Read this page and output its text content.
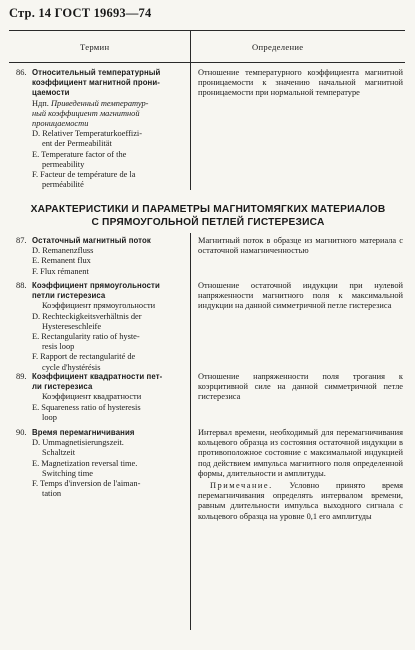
Стр. 14 ГОСТ 19693—74
Термин	Определение
86. Относительный температурный
коэффициент магнитной прони-
цаемости
Ндп. Приведенный температур-
ный коэффициент магнитной
проницаемости
D. Relativer Temperaturkoeffizi-
ent der Permeabilität
E. Temperature factor of the
permeability
F. Facteur de température de la
perméabilité
Отношение температурного коэффициента магнитной проницаемости к значению начальной магнитной проницаемости при нормальной температуре
ХАРАКТЕРИСТИКИ И ПАРАМЕТРЫ МАГНИТОМЯГКИХ МАТЕРИАЛОВ
С ПРЯМОУГОЛЬНОЙ ПЕТЛЕЙ ГИСТЕРЕЗИСА
87. Остаточный магнитный поток
D. Remanenzfluss
E. Remanent flux
F. Flux rémanent
Магнитный поток в образце из магнитного материала с остаточной намагниченностью
88. Коэффициент прямоугольности
петли гистерезиса
Коэффициент прямоугольности
D. Rechteckigkeitsverhältnis der
Hystereseschleife
E. Rectangularity ratio of hyste-
resis loop
F. Rapport de rectangularité de
cycle d'hystérésis
Отношение остаточной индукции при нулевой напряженности магнитного поля к максимальной индукции на данной симметричной петле гистерезиса
89. Коэффициент квадратности пет-
ли гистерезиса
Коэффициент квадратности
E. Squareness ratio of hysteresis
loop
Отношение напряженности поля трогания к коэрцитивной силе на данной симметричной петле гистерезиса
90. Время перемагничивания
D. Ummagnetisierungszeit.
Schaltzeit
E. Magnetization reversal time.
Switching time
F. Temps d'inversion de l'aiman-
tation
Интервал времени, необходимый для перемагничивания кольцевого образца из состояния остаточной индукции в противоположное состояние с максимальной индукцией под действием импульса магнитного поля определенной формы, длительности и амплитуды.
Примечание. Условно принято время перемагничивания определять интервалом времени, равным длительности импульса выходного сигнала с кольцевого образца на уровне 0,1 его амплитуды
